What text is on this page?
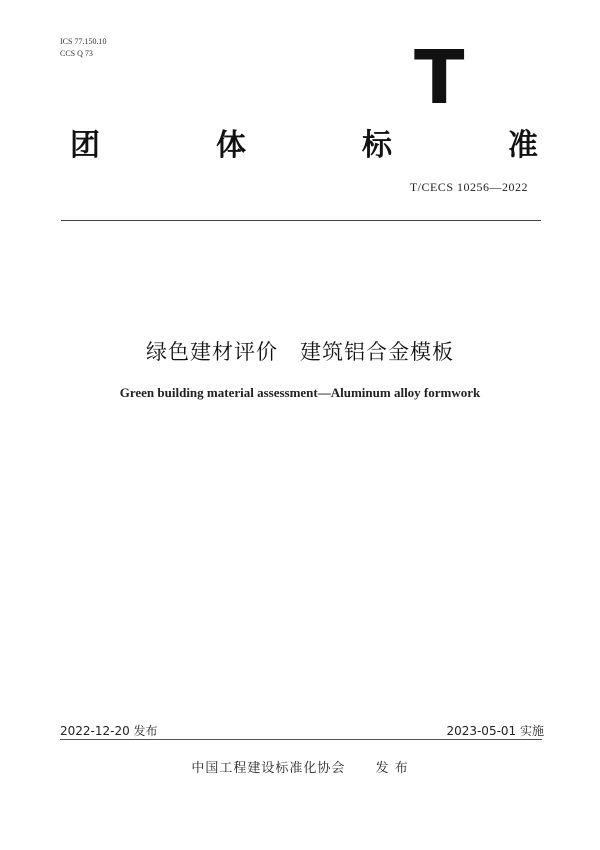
ICS 77.150.10
CCS Q 73	T
团	体	标	准
T/CECS 10256—2022
绿色建材评价 建筑铝合金模板
Green building material assessment—Aluminum alloy formwork
2022-12-20 发布	2023-05-01 实施
中国工程建设标准化协会 发 布
